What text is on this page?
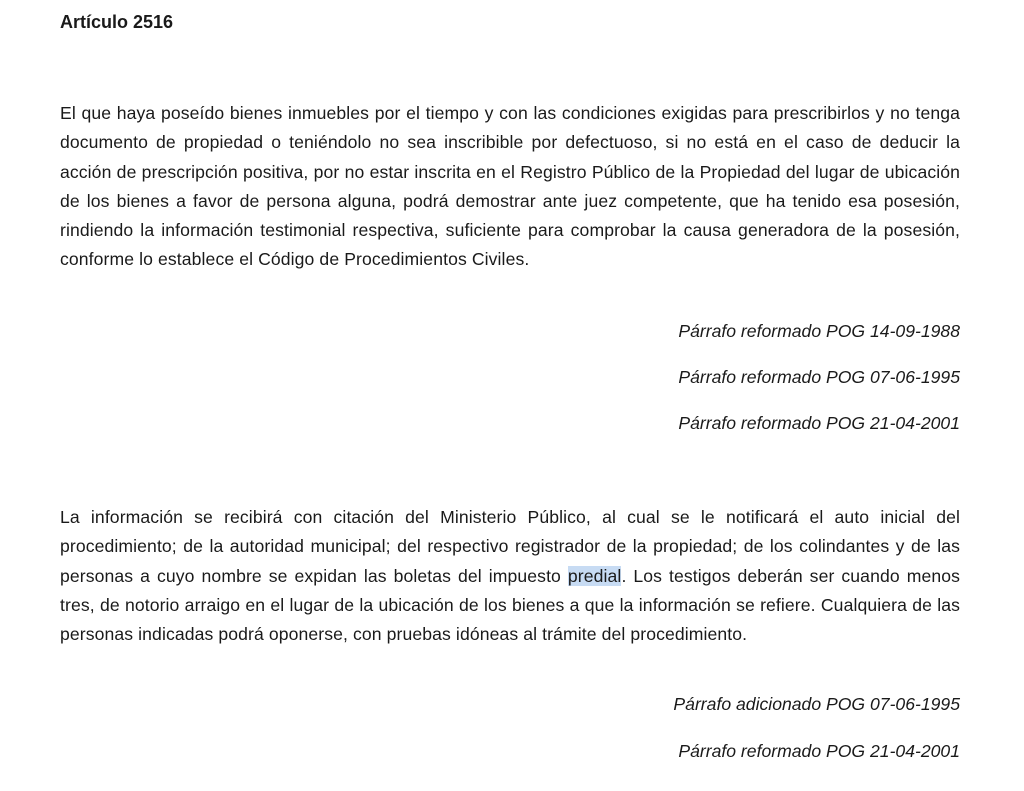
Artículo 2516

El que haya poseído bienes inmuebles por el tiempo y con las condiciones exigidas para prescribirlos y no tenga documento de propiedad o teniéndolo no sea inscribible por defectuoso, si no está en el caso de deducir la acción de prescripción positiva, por no estar inscrita en el Registro Público de la Propiedad del lugar de ubicación de los bienes a favor de persona alguna, podrá demostrar ante juez competente, que ha tenido esa posesión, rindiendo la información testimonial respectiva, suficiente para comprobar la causa generadora de la posesión, conforme lo establece el Código de Procedimientos Civiles.

Párrafo reformado POG 14-09-1988

Párrafo reformado POG 07-06-1995

Párrafo reformado POG 21-04-2001

La información se recibirá con citación del Ministerio Público, al cual se le notificará el auto inicial del procedimiento; de la autoridad municipal; del respectivo registrador de la propiedad; de los colindantes y de las personas a cuyo nombre se expidan las boletas del impuesto predial. Los testigos deberán ser cuando menos tres, de notorio arraigo en el lugar de la ubicación de los bienes a que la información se refiere. Cualquiera de las personas indicadas podrá oponerse, con pruebas idóneas al trámite del procedimiento.

Párrafo adicionado POG 07-06-1995

Párrafo reformado POG 21-04-2001
